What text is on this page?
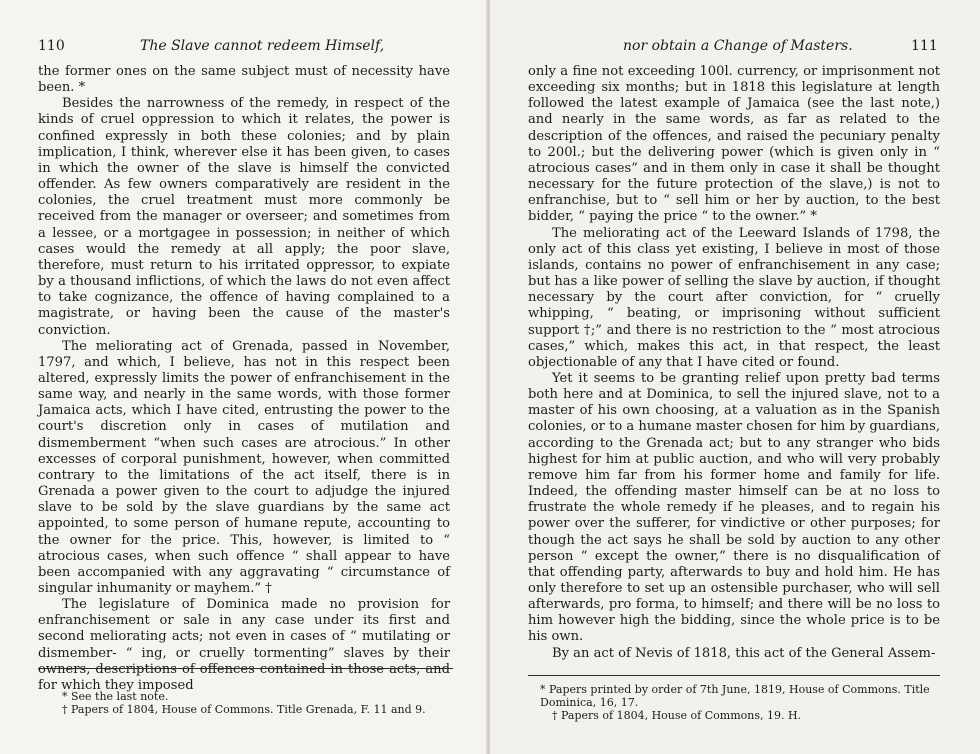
110	The Slave cannot redeem Himself,

the former ones on the same subject must of necessity have been. *

Besides the narrowness of the remedy, in respect of the kinds of cruel oppression to which it relates, the power is confined expressly in both these colonies; and by plain implication, I think, wherever else it has been given, to cases in which the owner of the slave is himself the convicted offender. As few owners comparatively are resident in the colonies, the cruel treatment must more commonly be received from the manager or overseer; and sometimes from a lessee, or a mortgagee in possession; in neither of which cases would the remedy at all apply; the poor slave, therefore, must return to his irritated oppressor, to expiate by a thousand inflictions, of which the laws do not even affect to take cognizance, the offence of having complained to a magistrate, or having been the cause of the master's conviction.

The meliorating act of Grenada, passed in November, 1797, and which, I believe, has not in this respect been altered, expressly limits the power of enfranchisement in the same way, and nearly in the same words, with those former Jamaica acts, which I have cited, entrusting the power to the court's discretion only in cases of mutilation and dismemberment “when such cases are atrocious.” In other excesses of corporal punishment, however, when committed contrary to the limitations of the act itself, there is in Grenada a power given to the court to adjudge the injured slave to be sold by the slave guardians by the same act appointed, to some person of humane repute, accounting to the owner for the price. This, however, is limited to “ atrocious cases, when such offence “ shall appear to have been accompanied with any aggravating “ circumstance of singular inhumanity or mayhem.” †

The legislature of Dominica made no provision for enfranchisement or sale in any case under its first and second meliorating acts; not even in cases of “ mutilating or dismember- “ ing, or cruelly tormenting” slaves by their owners, descriptions of offences contained in those acts, and for which they imposed

* See the last note.

† Papers of 1804, House of Commons. Title Grenada, F. 11 and 9.

nor obtain a Change of Masters.	111

only a fine not exceeding 100l. currency, or imprisonment not exceeding six months; but in 1818 this legislature at length followed the latest example of Jamaica (see the last note,) and nearly in the same words, as far as related to the description of the offences, and raised the pecuniary penalty to 200l.; but the delivering power (which is given only in “ atrocious cases” and in them only in case it shall be thought necessary for the future protection of the slave,) is not to enfranchise, but to “ sell him or her by auction, to the best bidder, “ paying the price “ to the owner.” *

The meliorating act of the Leeward Islands of 1798, the only act of this class yet existing, I believe in most of those islands, contains no power of enfranchisement in any case; but has a like power of selling the slave by auction, if thought necessary by the court after conviction, for “ cruelly whipping, “ beating, or imprisoning without sufficient support †;” and there is no restriction to the “ most atrocious cases,” which, makes this act, in that respect, the least objectionable of any that I have cited or found.

Yet it seems to be granting relief upon pretty bad terms both here and at Dominica, to sell the injured slave, not to a master of his own choosing, at a valuation as in the Spanish colonies, or to a humane master chosen for him by guardians, according to the Grenada act; but to any stranger who bids highest for him at public auction, and who will very probably remove him far from his former home and family for life. Indeed, the offending master himself can be at no loss to frustrate the whole remedy if he pleases, and to regain his power over the sufferer, for vindictive or other purposes; for though the act says he shall be sold by auction to any other person “ except the owner,” there is no disqualification of that offending party, afterwards to buy and hold him. He has only therefore to set up an ostensible purchaser, who will sell afterwards, pro forma, to himself; and there will be no loss to him however high the bidding, since the whole price is to be his own.

By an act of Nevis of 1818, this act of the General Assem-

* Papers printed by order of 7th June, 1819, House of Commons. Title

Dominica, 16, 17.

† Papers of 1804, House of Commons, 19. H.
